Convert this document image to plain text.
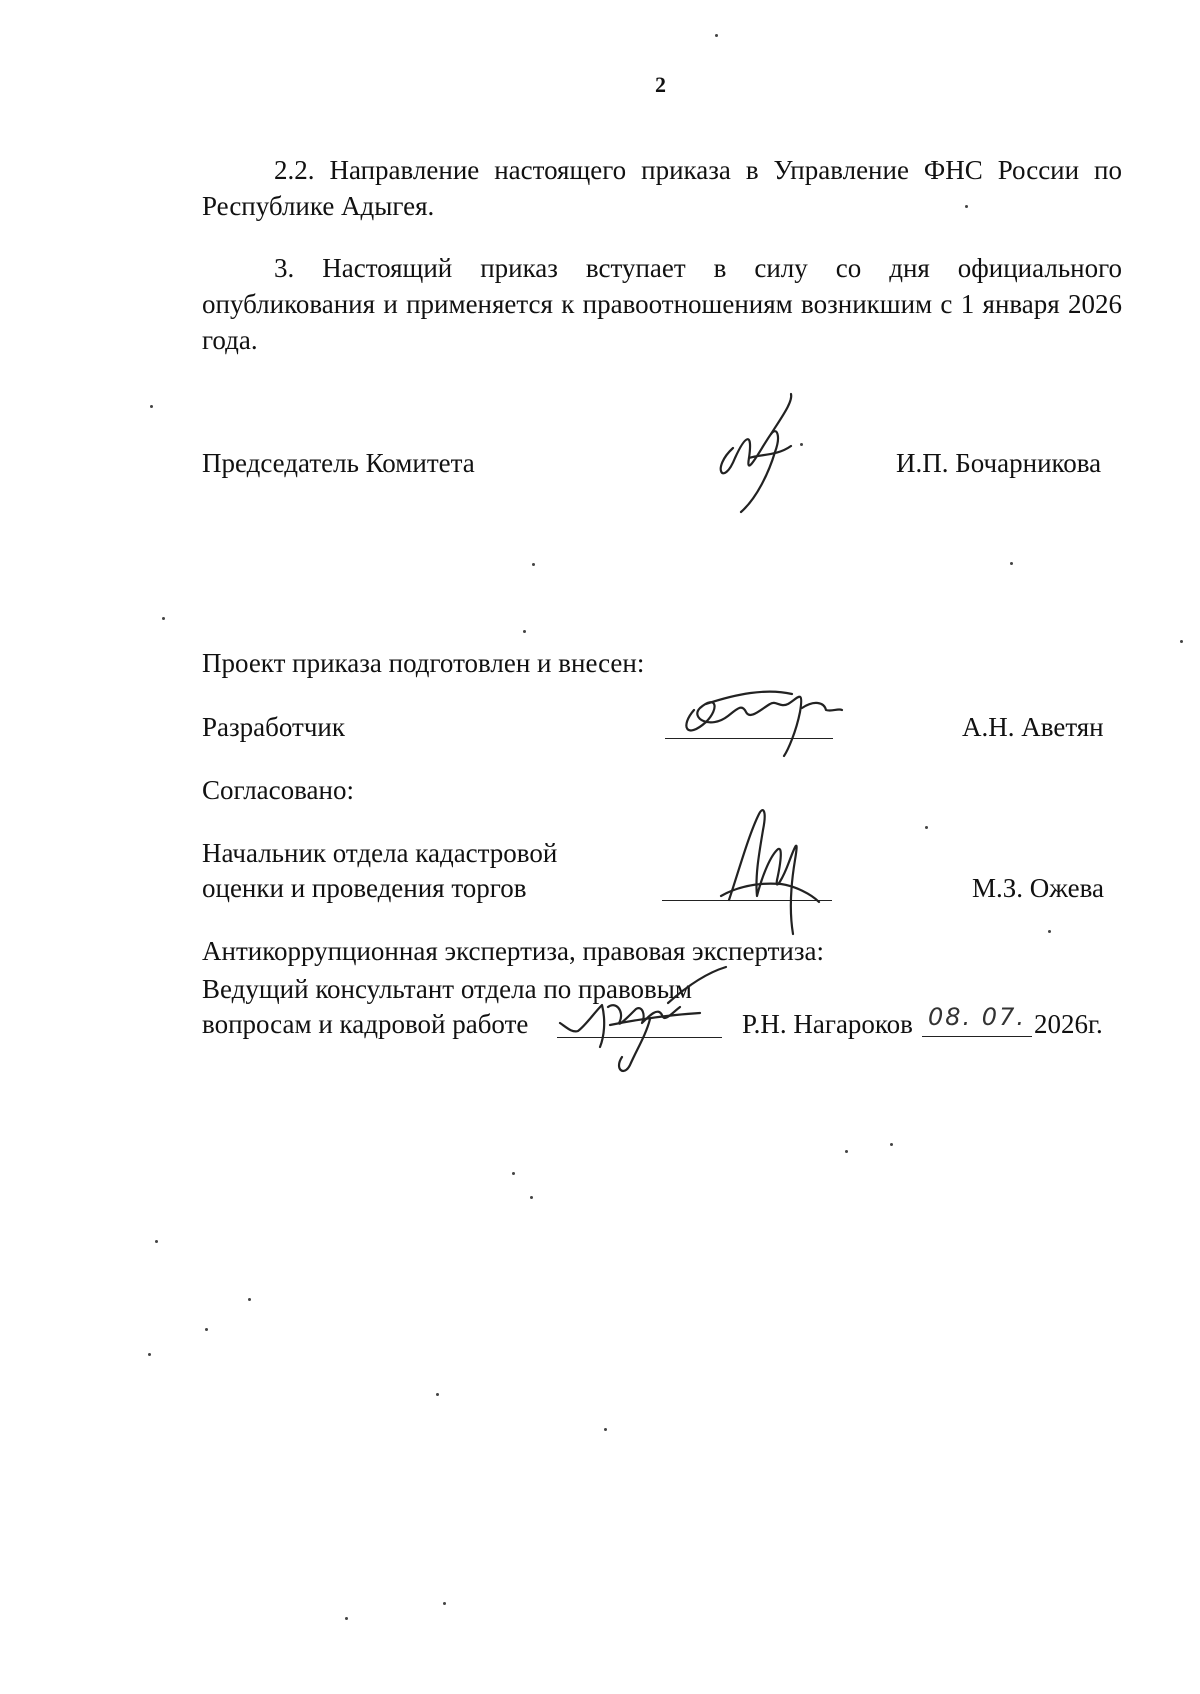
2
2.2. Направление настоящего приказа в Управление ФНС России по Республике Адыгея.
3. Настоящий приказ вступает в силу со дня официального опубликования и применяется к правоотношениям возникшим с 1 января 2026 года.
Председатель Комитета	И.П. Бочарникова
Проект приказа подготовлен и внесен:
Разработчик	А.Н. Аветян
Согласовано:
Начальник отдела кадастровой
оценки и проведения торгов	М.З. Ожева
Антикоррупционная экспертиза, правовая экспертиза:
Ведущий консультант отдела по правовым
вопросам и кадровой работе	Р.Н. Нагароков 08. 07. 2026г.
